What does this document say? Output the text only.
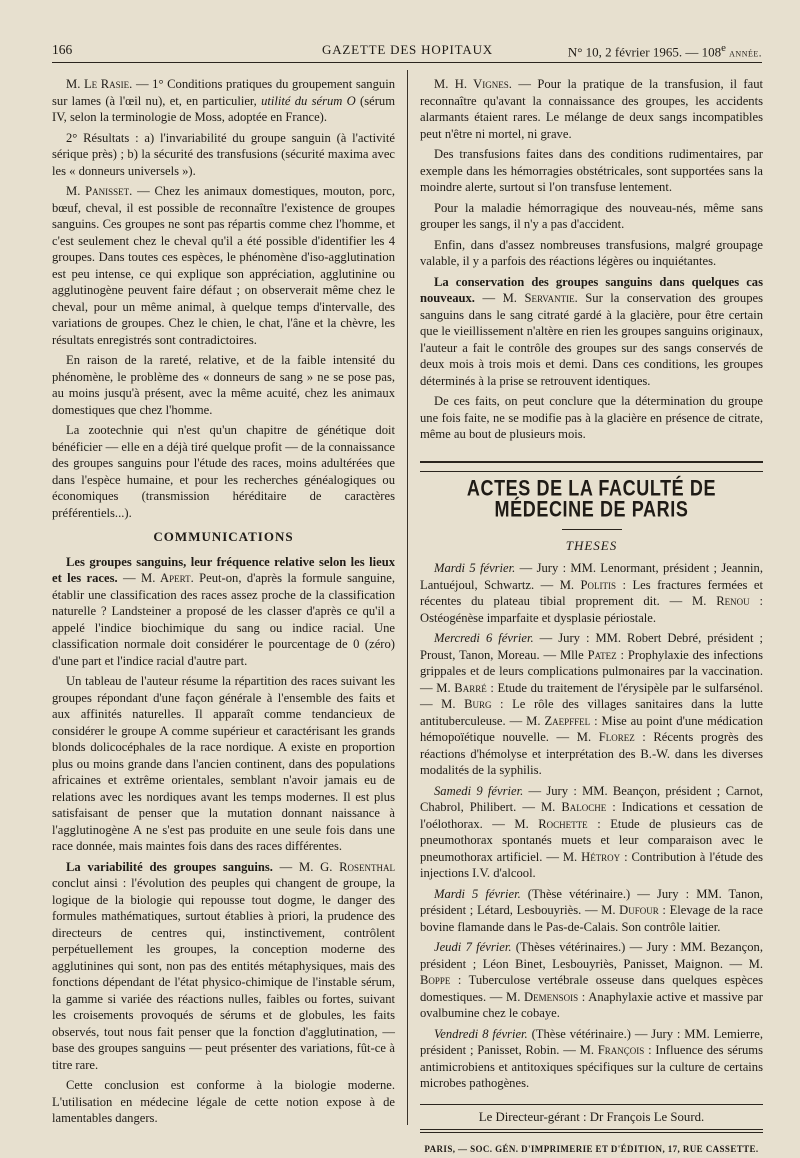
166	GAZETTE DES HOPITAUX	N° 10, 2 février 1965. — 108e année.

M. Le Rasie. — 1° Conditions pratiques du groupement sanguin sur lames (à l'œil nu), et, en particulier, utilité du sérum O (sérum IV, selon la terminologie de Moss, adoptée en France).

2° Résultats : a) l'invariabilité du groupe sanguin (à l'activité sérique près) ; b) la sécurité des transfusions (sécurité maxima avec les « donneurs universels »).

M. Panisset. — Chez les animaux domestiques, mouton, porc, bœuf, cheval, il est possible de reconnaître l'existence de groupes sanguins. Ces groupes ne sont pas répartis comme chez l'homme, et c'est seulement chez le cheval qu'il a été possible d'identifier les 4 groupes. Dans toutes ces espèces, le phénomène d'iso-agglutination est peu intense, ce qui explique son appréciation, agglutinine ou agglutinogène peuvent faire défaut ; on observerait même chez le cheval, pour un même animal, à quelque temps d'intervalle, des variations de groupes. Chez le chien, le chat, l'âne et la chèvre, les résultats enregistrés sont contradictoires.

En raison de la rareté, relative, et de la faible intensité du phénomène, le problème des « donneurs de sang » ne se pose pas, au moins jusqu'à présent, avec la même acuité, chez les animaux domestiques que chez l'homme.

La zootechnie qui n'est qu'un chapitre de génétique doit bénéficier — elle en a déjà tiré quelque profit — de la connaissance des groupes sanguins pour l'étude des races, moins adultérées que dans l'espèce humaine, et pour les recherches généalogiques ou économiques (transmission héréditaire de caractères préférentiels...).

COMMUNICATIONS

Les groupes sanguins, leur fréquence relative selon les lieux et les races. — M. Apert. Peut-on, d'après la formule sanguine, établir une classification des races assez proche de la classification naturelle ? Landsteiner a proposé de les classer d'après ce qu'il a appelé l'indice biochimique du sang ou indice racial. Une classification normale doit considérer le pourcentage de 0 (zéro) d'une part et l'indice racial d'autre part.

Un tableau de l'auteur résume la répartition des races suivant les groupes répondant d'une façon générale à l'ensemble des faits et aux affinités naturelles. Il apparaît comme tendancieux de considérer le groupe A comme supérieur et caractérisant les grands blonds dolicocéphales de la race nordique. A existe en proportion plus ou moins grande dans l'ancien continent, dans des populations africaines et extrême orientales, semblant n'avoir jamais eu de relations avec les nordiques avant les temps modernes. Il est plus satisfaisant de penser que la mutation donnant naissance à l'agglutinogène A ne s'est pas produite en une seule fois dans une race donnée, mais maintes fois dans des races différentes.

La variabilité des groupes sanguins. — M. G. Rosenthal conclut ainsi : l'évolution des peuples qui changent de groupe, la logique de la biologie qui repousse tout dogme, le danger des formules mathématiques, surtout établies à priori, la prudence des directeurs de centres qui, instinctivement, contrôlent perpétuellement les groupes, la conception moderne des agglutinines qui sont, non pas des entités métaphysiques, mais des fonctions dépendant de l'état physico-chimique de l'instable sérum, la gamme si variée des réactions nulles, faibles ou fortes, suivant les croisements provoqués de sérums et de globules, les faits observés, tout nous fait penser que la fonction d'agglutination, — base des groupes sanguins — peut présenter des variations, fût-ce à titre rare.

Cette conclusion est conforme à la biologie moderne. L'utilisation en médecine légale de cette notion expose à de lamentables dangers.

M. H. Vignes. — Pour la pratique de la transfusion, il faut reconnaître qu'avant la connaissance des groupes, les accidents alarmants étaient rares. Le mélange de deux sangs incompatibles peut n'être ni mortel, ni grave.

Des transfusions faites dans des conditions rudimentaires, par exemple dans les hémorragies obstétricales, sont supportées sans la moindre alerte, surtout si l'on transfuse lentement.

Pour la maladie hémorragique des nouveau-nés, même sans grouper les sangs, il n'y a pas d'accident.

Enfin, dans d'assez nombreuses transfusions, malgré groupage valable, il y a parfois des réactions légères ou inquiétantes.

La conservation des groupes sanguins dans quelques cas nouveaux. — M. Servantie. Sur la conservation des groupes sanguins dans le sang citraté gardé à la glacière, pour être certain que le vieillissement n'altère en rien les groupes sanguins originaux, l'auteur a fait le contrôle des groupes sur des sangs conservés de deux mois à trois mois et demi. Dans ces conditions, les groupes déterminés à la prise se retrouvent identiques.

De ces faits, on peut conclure que la détermination du groupe une fois faite, ne se modifie pas à la glacière en présence de citrate, même au bout de plusieurs mois.

ACTES DE LA FACULTÉ DE MÉDECINE DE PARIS
THESES

Mardi 5 février. — Jury : MM. Lenormant, président ; Jeannin, Lantuéjoul, Schwartz. — M. Politis : Les fractures fermées et récentes du plateau tibial proprement dit. — M. Renou : Ostéogénèse imparfaite et dysplasie périostale.

Mercredi 6 février. — Jury : MM. Robert Debré, président ; Proust, Tanon, Moreau. — Mlle Patez : Prophylaxie des infections grippales et de leurs complications pulmonaires par la vaccination. — M. Barré : Etude du traitement de l'érysipèle par le sulfarsénol. — M. Burg : Le rôle des villages sanitaires dans la lutte antituberculeuse. — M. Zaepffel : Mise au point d'une médication hémopoïétique nouvelle. — M. Florez : Récents progrès des réactions d'hémolyse et interprétation des B.-W. dans les diverses modalités de la syphilis.

Samedi 9 février. — Jury : MM. Beançon, président ; Carnot, Chabrol, Philibert. — M. Baloche : Indications et cessation de l'oélothorax. — M. Rochette : Etude de plusieurs cas de pneumothorax spontanés muets et leur comparaison avec le pneumothorax artificiel. — M. Hétroy : Contribution à l'étude des injections I.V. d'alcool.

Mardi 5 février. (Thèse vétérinaire.) — Jury : MM. Tanon, président ; Létard, Lesbouyriès. — M. Dufour : Elevage de la race bovine flamande dans le Pas-de-Calais. Son contrôle laitier.

Jeudi 7 février. (Thèses vétérinaires.) — Jury : MM. Bezançon, président ; Léon Binet, Lesbouyriès, Panisset, Maignon. — M. Boppe : Tuberculose vertébrale osseuse dans quelques espèces domestiques. — M. Demensois : Anaphylaxie active et massive par ovalbumine chez le cobaye.

Vendredi 8 février. (Thèse vétérinaire.) — Jury : MM. Lemierre, président ; Panisset, Robin. — M. François : Influence des sérums antimicrobiens et antitoxiques spécifiques sur la culture de certains microbes pathogènes.

Le Directeur-gérant : Dr François Le Sourd.
PARIS, — SOC. GÉN. D'IMPRIMERIE ET D'ÉDITION, 17, RUE CASSETTE.
